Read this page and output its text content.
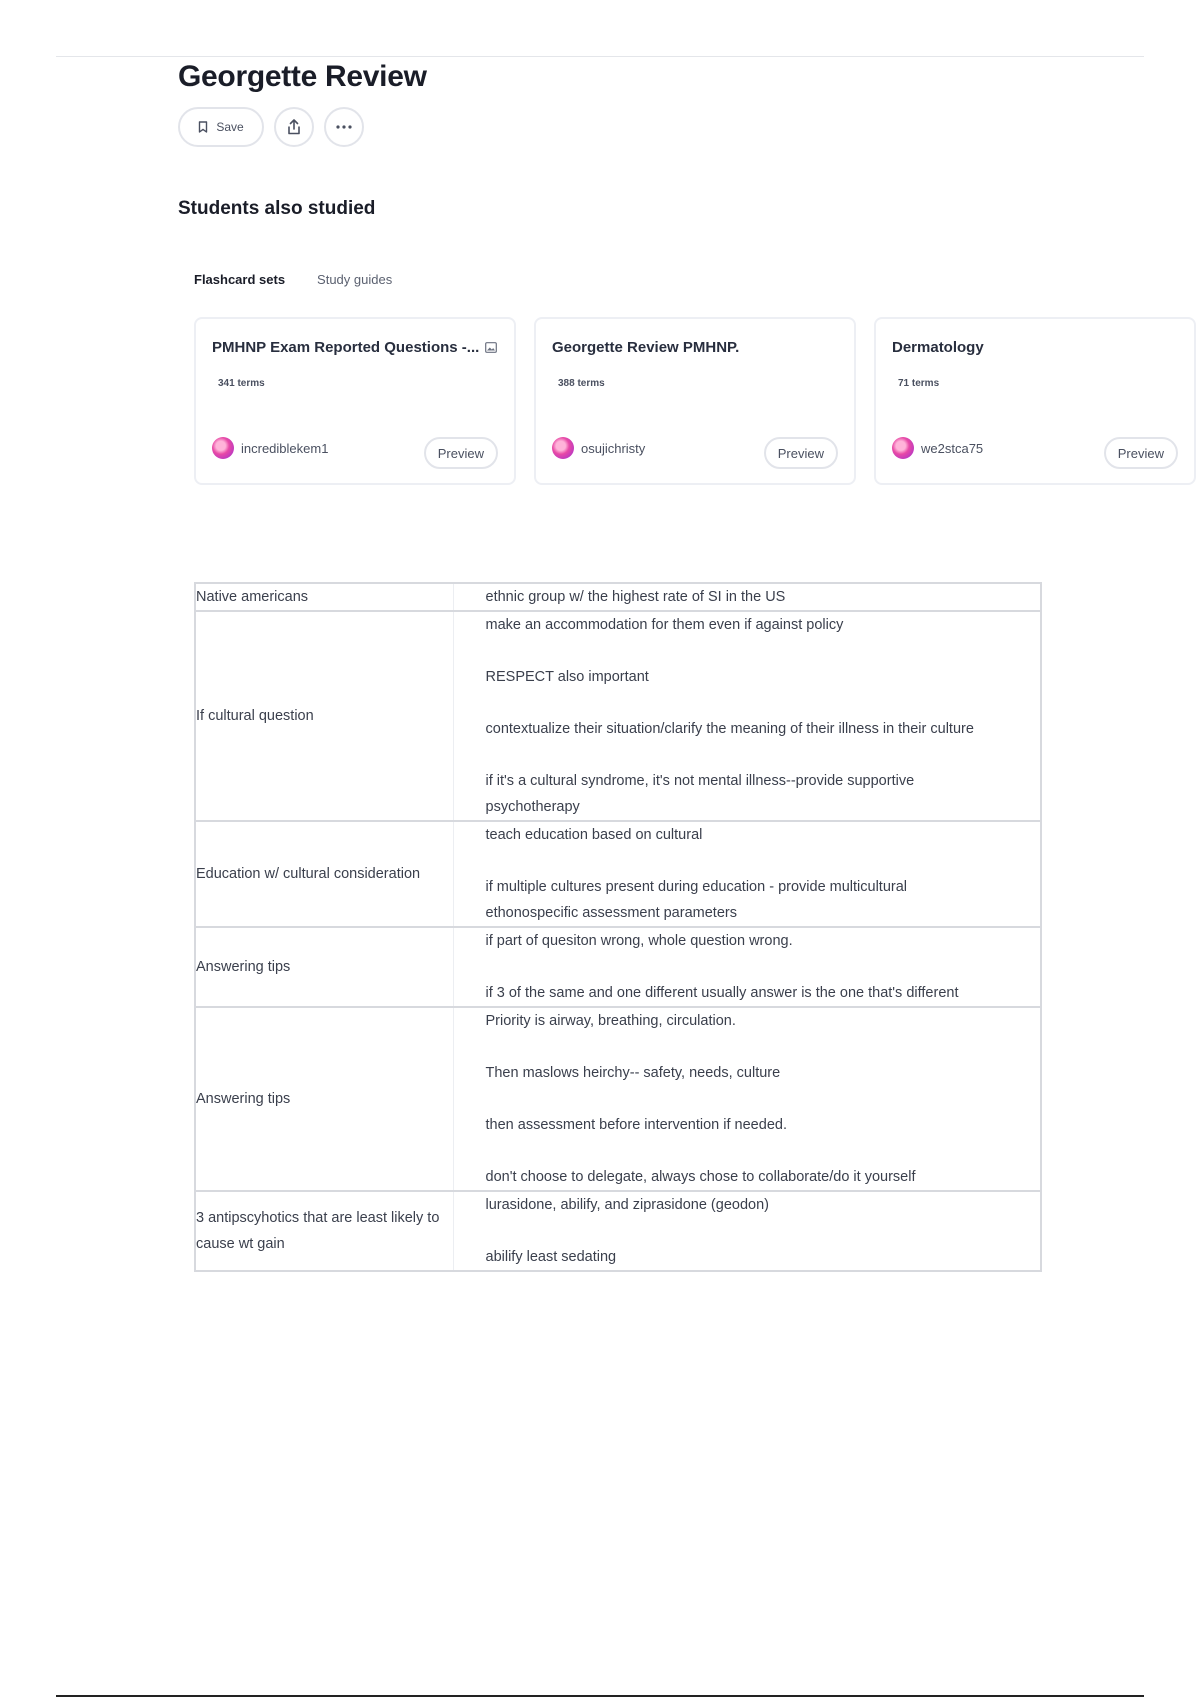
Georgette Review
Save
Students also studied
Flashcard sets Study guides
PMHNP Exam Reported Questions -...
341 terms
incrediblekem1	Preview
Georgette Review PMHNP.
388 terms
osujichristy	Preview
Dermatology
71 terms
we2stca75	Preview
Native americans	ethnic group w/ the highest rate of SI in the US

If cultural question	make an accommodation for them even if against policy
RESPECT also important
contextualize their situation/clarify the meaning of their illness in their culture
if it's a cultural syndrome, it's not mental illness--provide supportive psychotherapy

Education w/ cultural consideration	teach education based on cultural
if multiple cultures present during education - provide multicultural ethonospecific assessment parameters

Answering tips	if part of quesiton wrong, whole question wrong.
if 3 of the same and one different usually answer is the one that's different

Answering tips	Priority is airway, breathing, circulation.
Then maslows heirchy-- safety, needs, culture
then assessment before intervention if needed.
don't choose to delegate, always chose to collaborate/do it yourself

3 antipscyhotics that are least likely to cause wt gain	lurasidone, abilify, and ziprasidone (geodon)
abilify least sedating
